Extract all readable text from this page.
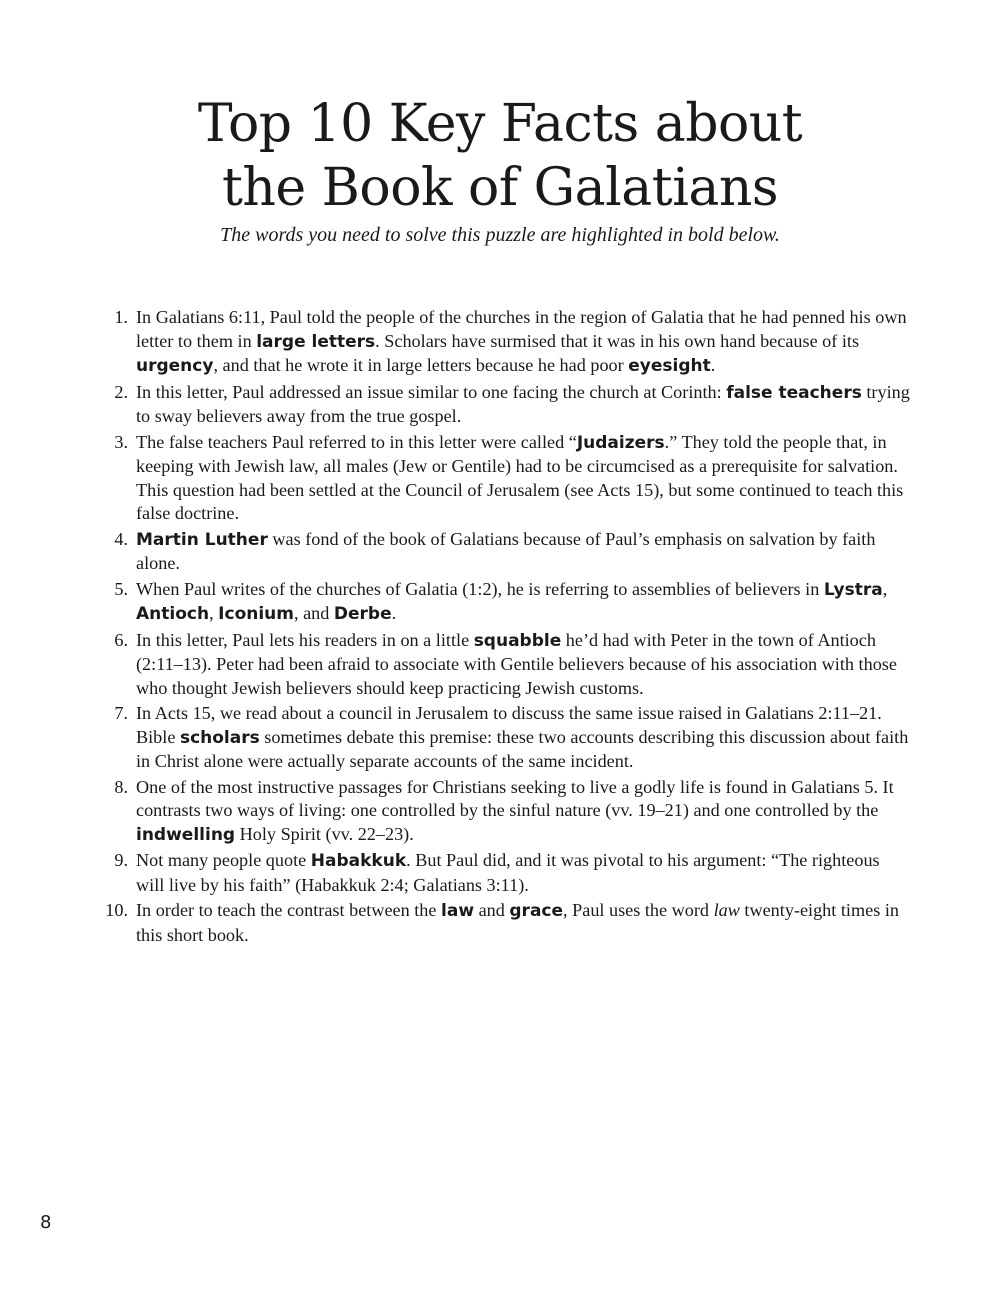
Top 10 Key Facts about
the Book of Galatians

The words you need to solve this puzzle are highlighted in bold below.

1. In Galatians 6:11, Paul told the people of the churches in the region of Galatia that he had penned his own letter to them in large letters. Scholars have surmised that it was in his own hand because of its urgency, and that he wrote it in large letters because he had poor eyesight.
2. In this letter, Paul addressed an issue similar to one facing the church at Corinth: false teachers trying to sway believers away from the true gospel.
3. The false teachers Paul referred to in this letter were called “Judaizers.” They told the people that, in keeping with Jewish law, all males (Jew or Gentile) had to be circumcised as a prerequisite for salvation. This question had been settled at the Council of Jerusalem (see Acts 15), but some continued to teach this false doctrine.
4. Martin Luther was fond of the book of Galatians because of Paul’s emphasis on salvation by faith alone.
5. When Paul writes of the churches of Galatia (1:2), he is referring to assemblies of believers in Lystra, Antioch, Iconium, and Derbe.
6. In this letter, Paul lets his readers in on a little squabble he’d had with Peter in the town of Antioch (2:11–13). Peter had been afraid to associate with Gentile believers because of his association with those who thought Jewish believers should keep practicing Jewish customs.
7. In Acts 15, we read about a council in Jerusalem to discuss the same issue raised in Galatians 2:11–21. Bible scholars sometimes debate this premise: these two accounts describing this discussion about faith in Christ alone were actually separate accounts of the same incident.
8. One of the most instructive passages for Christians seeking to live a godly life is found in Galatians 5. It contrasts two ways of living: one controlled by the sinful nature (vv. 19–21) and one controlled by the indwelling Holy Spirit (vv. 22–23).
9. Not many people quote Habakkuk. But Paul did, and it was pivotal to his argument: “The righteous will live by his faith” (Habakkuk 2:4; Galatians 3:11).
10. In order to teach the contrast between the law and grace, Paul uses the word law twenty-eight times in this short book.
8
